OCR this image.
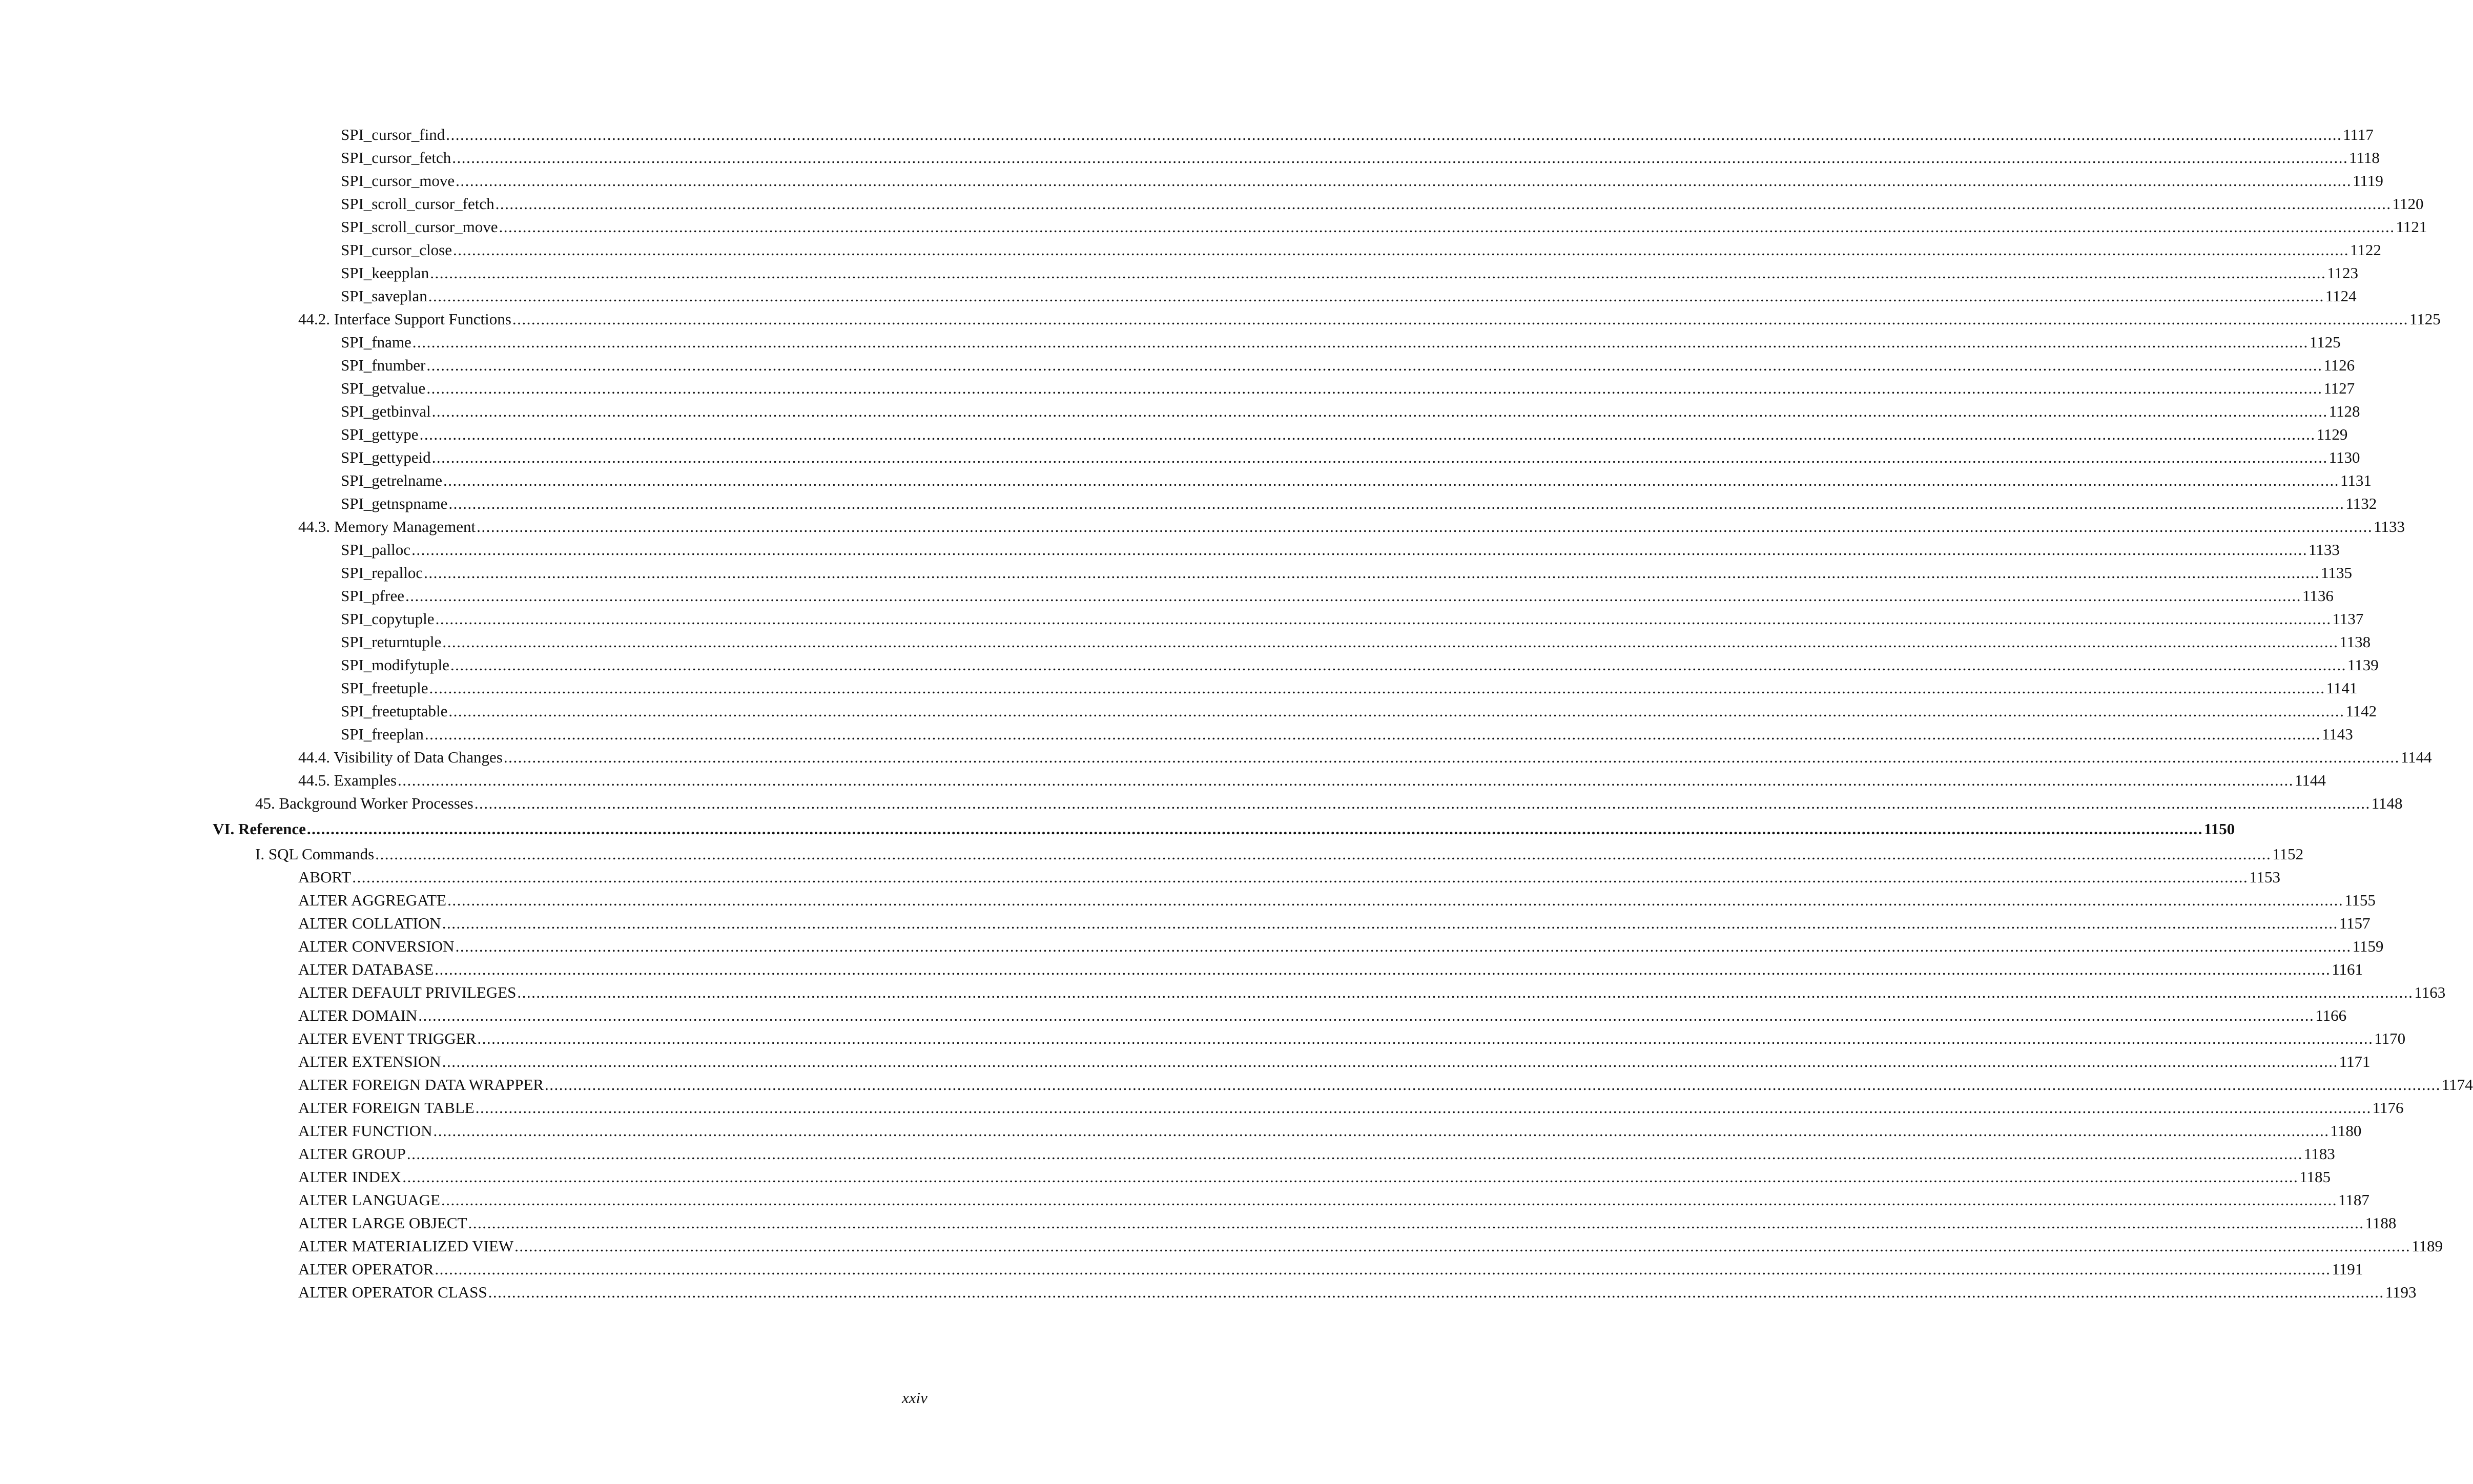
SPI_cursor_find ................................................................................................................................................................................................................................................................................................................................................................................................................ 1117
SPI_cursor_fetch ................................................................................................................................................................................................................................................................................................................................................................................................................ 1118
SPI_cursor_move ................................................................................................................................................................................................................................................................................................................................................................................................................ 1119
SPI_scroll_cursor_fetch ................................................................................................................................................................................................................................................................................................................................................................................................................ 1120
SPI_scroll_cursor_move ................................................................................................................................................................................................................................................................................................................................................................................................................ 1121
SPI_cursor_close ................................................................................................................................................................................................................................................................................................................................................................................................................ 1122
SPI_keepplan ................................................................................................................................................................................................................................................................................................................................................................................................................ 1123
SPI_saveplan ................................................................................................................................................................................................................................................................................................................................................................................................................ 1124
44.2. Interface Support Functions ................................................................................................................................................................................................................................................................................................................................................................................................................ 1125
SPI_fname ................................................................................................................................................................................................................................................................................................................................................................................................................ 1125
SPI_fnumber ................................................................................................................................................................................................................................................................................................................................................................................................................ 1126
SPI_getvalue ................................................................................................................................................................................................................................................................................................................................................................................................................ 1127
SPI_getbinval ................................................................................................................................................................................................................................................................................................................................................................................................................ 1128
SPI_gettype ................................................................................................................................................................................................................................................................................................................................................................................................................ 1129
SPI_gettypeid ................................................................................................................................................................................................................................................................................................................................................................................................................ 1130
SPI_getrelname ................................................................................................................................................................................................................................................................................................................................................................................................................ 1131
SPI_getnspname ................................................................................................................................................................................................................................................................................................................................................................................................................ 1132
44.3. Memory Management ................................................................................................................................................................................................................................................................................................................................................................................................................ 1133
SPI_palloc ................................................................................................................................................................................................................................................................................................................................................................................................................ 1133
SPI_repalloc ................................................................................................................................................................................................................................................................................................................................................................................................................ 1135
SPI_pfree ................................................................................................................................................................................................................................................................................................................................................................................................................ 1136
SPI_copytuple ................................................................................................................................................................................................................................................................................................................................................................................................................ 1137
SPI_returntuple ................................................................................................................................................................................................................................................................................................................................................................................................................ 1138
SPI_modifytuple ................................................................................................................................................................................................................................................................................................................................................................................................................ 1139
SPI_freetuple ................................................................................................................................................................................................................................................................................................................................................................................................................ 1141
SPI_freetuptable ................................................................................................................................................................................................................................................................................................................................................................................................................ 1142
SPI_freeplan ................................................................................................................................................................................................................................................................................................................................................................................................................ 1143
44.4. Visibility of Data Changes ................................................................................................................................................................................................................................................................................................................................................................................................................ 1144
44.5. Examples ................................................................................................................................................................................................................................................................................................................................................................................................................ 1144
45. Background Worker Processes ................................................................................................................................................................................................................................................................................................................................................................................................................ 1148
VI. Reference ................................................................................................................................................................................................................................................................................................................................................................................................................ 1150
I. SQL Commands ................................................................................................................................................................................................................................................................................................................................................................................................................ 1152
ABORT ................................................................................................................................................................................................................................................................................................................................................................................................................ 1153
ALTER AGGREGATE ................................................................................................................................................................................................................................................................................................................................................................................................................ 1155
ALTER COLLATION ................................................................................................................................................................................................................................................................................................................................................................................................................ 1157
ALTER CONVERSION ................................................................................................................................................................................................................................................................................................................................................................................................................ 1159
ALTER DATABASE ................................................................................................................................................................................................................................................................................................................................................................................................................ 1161
ALTER DEFAULT PRIVILEGES ................................................................................................................................................................................................................................................................................................................................................................................................................ 1163
ALTER DOMAIN ................................................................................................................................................................................................................................................................................................................................................................................................................ 1166
ALTER EVENT TRIGGER ................................................................................................................................................................................................................................................................................................................................................................................................................ 1170
ALTER EXTENSION ................................................................................................................................................................................................................................................................................................................................................................................................................ 1171
ALTER FOREIGN DATA WRAPPER ................................................................................................................................................................................................................................................................................................................................................................................................................ 1174
ALTER FOREIGN TABLE ................................................................................................................................................................................................................................................................................................................................................................................................................ 1176
ALTER FUNCTION ................................................................................................................................................................................................................................................................................................................................................................................................................ 1180
ALTER GROUP ................................................................................................................................................................................................................................................................................................................................................................................................................ 1183
ALTER INDEX ................................................................................................................................................................................................................................................................................................................................................................................................................ 1185
ALTER LANGUAGE ................................................................................................................................................................................................................................................................................................................................................................................................................ 1187
ALTER LARGE OBJECT ................................................................................................................................................................................................................................................................................................................................................................................................................ 1188
ALTER MATERIALIZED VIEW ................................................................................................................................................................................................................................................................................................................................................................................................................ 1189
ALTER OPERATOR ................................................................................................................................................................................................................................................................................................................................................................................................................ 1191
ALTER OPERATOR CLASS ................................................................................................................................................................................................................................................................................................................................................................................................................ 1193
xxiv
